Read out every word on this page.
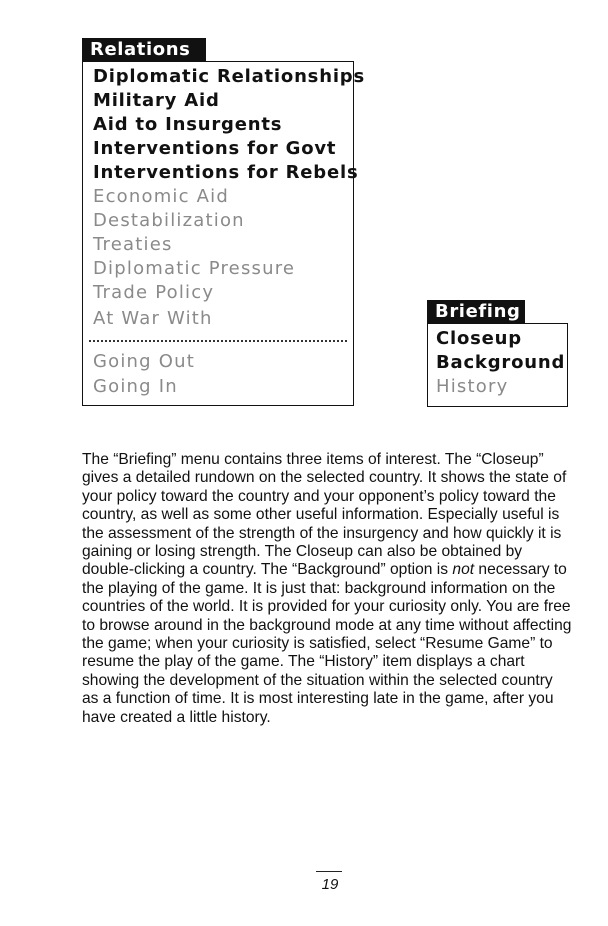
Relations
Diplomatic Relationships
Military Aid
Aid to Insurgents
Interventions for Govt
Interventions for Rebels
Economic Aid
Destabilization
Treaties
Diplomatic Pressure
Trade Policy
At War With
Going Out
Going In
Briefing
Closeup
Background
History

The “Briefing” menu contains three items of interest. The “Closeup” gives a detailed rundown on the selected country. It shows the state of your policy toward the country and your opponent’s policy toward the country, as well as some other useful information. Especially useful is the assessment of the strength of the insurgency and how quickly it is gaining or losing strength. The Closeup can also be obtained by double-clicking a country. The “Background” option is not necessary to the playing of the game. It is just that: background information on the countries of the world. It is provided for your curiosity only. You are free to browse around in the background mode at any time without affecting the game; when your curiosity is satisfied, select “Resume Game” to resume the play of the game. The “History” item displays a chart showing the development of the situation within the selected country as a function of time. It is most interesting late in the game, after you have created a little history.

19
